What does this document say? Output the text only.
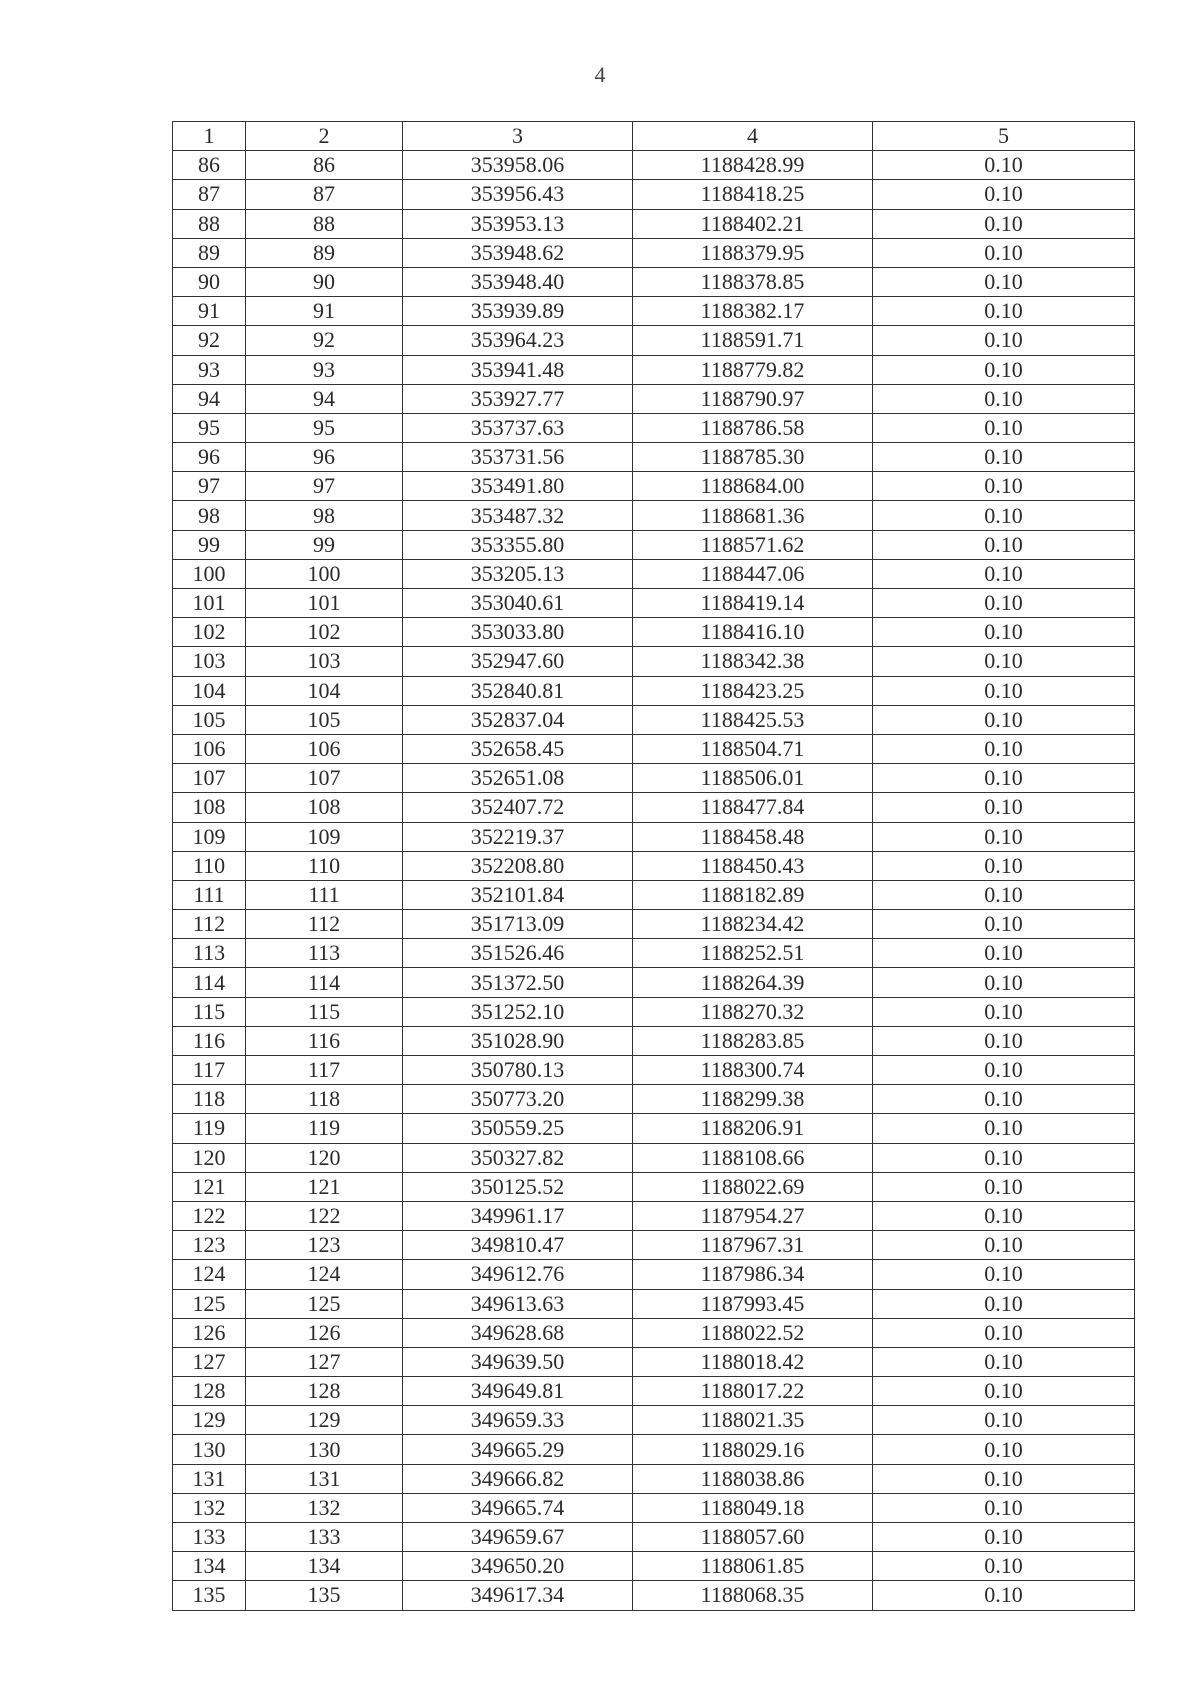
4
1	2	3	4	5
86	86	353958.06	1188428.99	0.10
87	87	353956.43	1188418.25	0.10
88	88	353953.13	1188402.21	0.10
89	89	353948.62	1188379.95	0.10
90	90	353948.40	1188378.85	0.10
91	91	353939.89	1188382.17	0.10
92	92	353964.23	1188591.71	0.10
93	93	353941.48	1188779.82	0.10
94	94	353927.77	1188790.97	0.10
95	95	353737.63	1188786.58	0.10
96	96	353731.56	1188785.30	0.10
97	97	353491.80	1188684.00	0.10
98	98	353487.32	1188681.36	0.10
99	99	353355.80	1188571.62	0.10
100	100	353205.13	1188447.06	0.10
101	101	353040.61	1188419.14	0.10
102	102	353033.80	1188416.10	0.10
103	103	352947.60	1188342.38	0.10
104	104	352840.81	1188423.25	0.10
105	105	352837.04	1188425.53	0.10
106	106	352658.45	1188504.71	0.10
107	107	352651.08	1188506.01	0.10
108	108	352407.72	1188477.84	0.10
109	109	352219.37	1188458.48	0.10
110	110	352208.80	1188450.43	0.10
111	111	352101.84	1188182.89	0.10
112	112	351713.09	1188234.42	0.10
113	113	351526.46	1188252.51	0.10
114	114	351372.50	1188264.39	0.10
115	115	351252.10	1188270.32	0.10
116	116	351028.90	1188283.85	0.10
117	117	350780.13	1188300.74	0.10
118	118	350773.20	1188299.38	0.10
119	119	350559.25	1188206.91	0.10
120	120	350327.82	1188108.66	0.10
121	121	350125.52	1188022.69	0.10
122	122	349961.17	1187954.27	0.10
123	123	349810.47	1187967.31	0.10
124	124	349612.76	1187986.34	0.10
125	125	349613.63	1187993.45	0.10
126	126	349628.68	1188022.52	0.10
127	127	349639.50	1188018.42	0.10
128	128	349649.81	1188017.22	0.10
129	129	349659.33	1188021.35	0.10
130	130	349665.29	1188029.16	0.10
131	131	349666.82	1188038.86	0.10
132	132	349665.74	1188049.18	0.10
133	133	349659.67	1188057.60	0.10
134	134	349650.20	1188061.85	0.10
135	135	349617.34	1188068.35	0.10
